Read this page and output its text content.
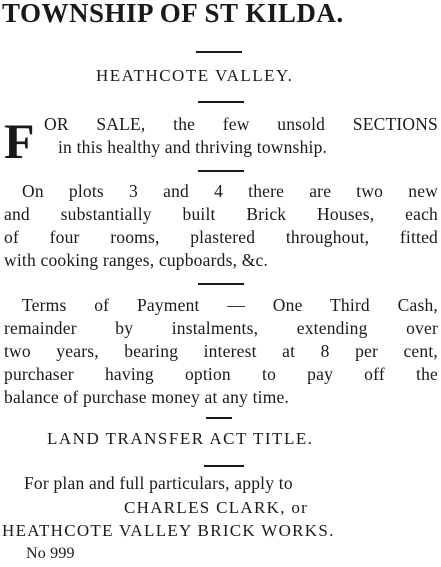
TOWNSHIP OF ST KILDA.
HEATHCOTE VALLEY.
F OR SALE, the few unsold SECTIONS
in this healthy and thriving township.
On plots 3 and 4 there are two new
and substantially built Brick Houses, each
of four rooms, plastered throughout, fitted
with cooking ranges, cupboards, &c.
Terms of Payment — One Third Cash,
remainder by instalments, extending over
two years, bearing interest at 8 per cent,
purchaser having option to pay off the
balance of purchase money at any time.
LAND TRANSFER ACT TITLE.
For plan and full particulars, apply to
CHARLES CLARK, or
HEATHCOTE VALLEY BRICK WORKS.
No 999
